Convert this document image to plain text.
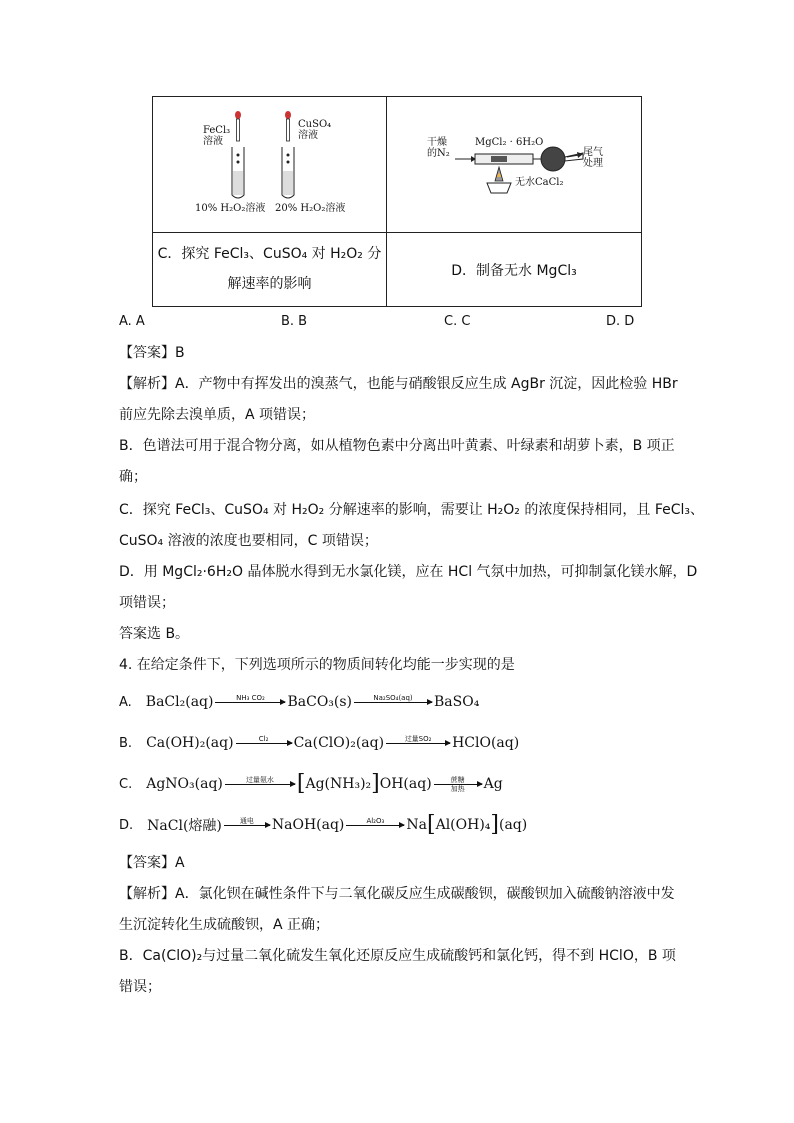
FeCl₃
溶液
CuSO₄
溶液
10% H₂O₂溶液 20% H₂O₂溶液
干燥
的N₂
MgCl₂ · 6H₂O
无水CaCl₂
尾气
处理
C．探究 FeCl₃、CuSO₄ 对 H₂O₂ 分
解速率的影响
D．制备无水 MgCl₃
A. A	B. B	C. C	D. D
【答案】B
【解析】A．产物中有挥发出的溴蒸气，也能与硝酸银反应生成 AgBr 沉淀，因此检验 HBr
前应先除去溴单质，A 项错误；
B．色谱法可用于混合物分离，如从植物色素中分离出叶黄素、叶绿素和胡萝卜素，B 项正
确；
C．探究 FeCl₃、CuSO₄ 对 H₂O₂ 分解速率的影响，需要让 H₂O₂ 的浓度保持相同，且 FeCl₃、
CuSO₄ 溶液的浓度也要相同，C 项错误；
D．用 MgCl₂·6H₂O 晶体脱水得到无水氯化镁，应在 HCl 气氛中加热，可抑制氯化镁水解，D
项错误；
答案选 B。
4. 在给定条件下，下列选项所示的物质间转化均能一步实现的是
A. BaCl₂(aq)	NH₃ CO₂
BaCO₃(s)	Na₂SO₄(aq)
BaSO₄
B. Ca(OH)₂(aq)	Cl₂
Ca(ClO)₂(aq)	过量SO₂
HClO(aq)
C. AgNO₃(aq)	过量氨水
[ Ag(NH₃)₂ ] OH(aq)	蔗糖
加热 Ag
D. NaCl(熔融)	通电
NaOH(aq)	Al₂O₃
Na [ Al(OH)₄ ] (aq)
【答案】A
【解析】A．氯化钡在碱性条件下与二氧化碳反应生成碳酸钡，碳酸钡加入硫酸钠溶液中发
生沉淀转化生成硫酸钡，A 正确；
B．Ca(ClO)₂与过量二氧化硫发生氧化还原反应生成硫酸钙和氯化钙，得不到 HClO，B 项
错误；
